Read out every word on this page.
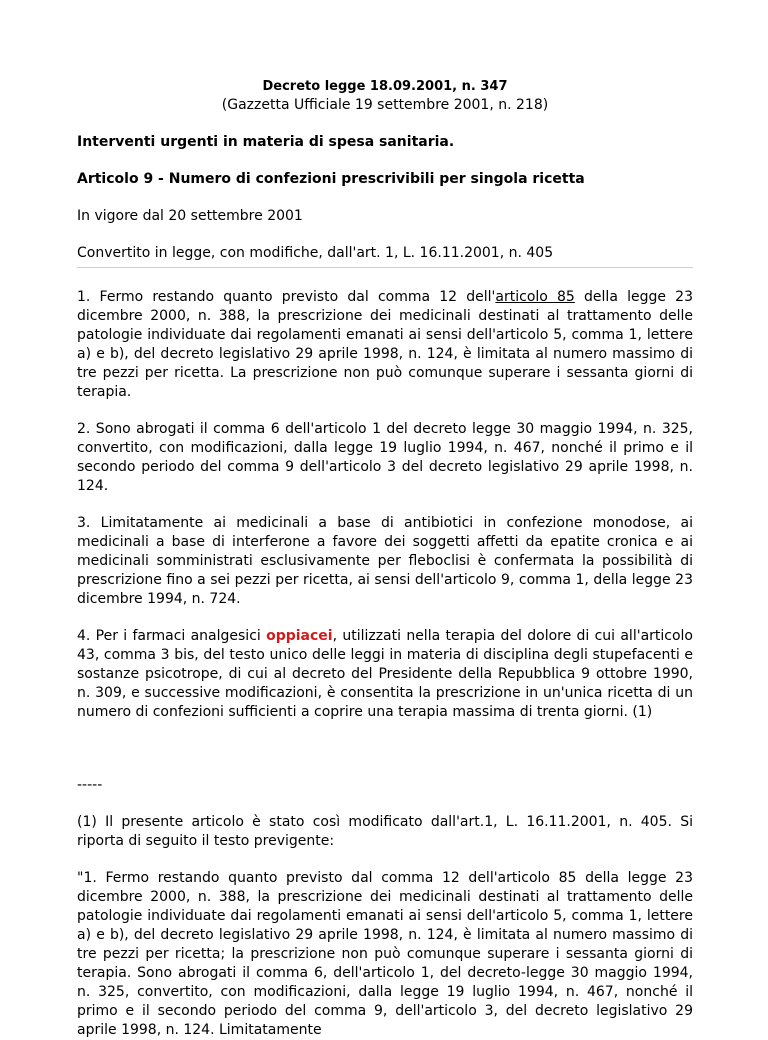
Decreto legge 18.09.2001, n. 347
(Gazzetta Ufficiale 19 settembre 2001, n. 218)

Interventi urgenti in materia di spesa sanitaria.

Articolo 9 - Numero di confezioni prescrivibili per singola ricetta

In vigore dal 20 settembre 2001

Convertito in legge, con modifiche, dall'art. 1, L. 16.11.2001, n. 405

1. Fermo restando quanto previsto dal comma 12 dell'articolo 85 della legge 23 dicembre 2000, n. 388, la prescrizione dei medicinali destinati al trattamento delle patologie individuate dai regolamenti emanati ai sensi dell'articolo 5, comma 1, lettere a) e b), del decreto legislativo 29 aprile 1998, n. 124, è limitata al numero massimo di tre pezzi per ricetta. La prescrizione non può comunque superare i sessanta giorni di terapia.

2. Sono abrogati il comma 6 dell'articolo 1 del decreto legge 30 maggio 1994, n. 325, convertito, con modificazioni, dalla legge 19 luglio 1994, n. 467, nonché il primo e il secondo periodo del comma 9 dell'articolo 3 del decreto legislativo 29 aprile 1998, n. 124.

3. Limitatamente ai medicinali a base di antibiotici in confezione monodose, ai medicinali a base di interferone a favore dei soggetti affetti da epatite cronica e ai medicinali somministrati esclusivamente per fleboclisi è confermata la possibilità di prescrizione fino a sei pezzi per ricetta, ai sensi dell'articolo 9, comma 1, della legge 23 dicembre 1994, n. 724.

4. Per i farmaci analgesici oppiacei, utilizzati nella terapia del dolore di cui all'articolo 43, comma 3 bis, del testo unico delle leggi in materia di disciplina degli stupefacenti e sostanze psicotrope, di cui al decreto del Presidente della Repubblica 9 ottobre 1990, n. 309, e successive modificazioni, è consentita la prescrizione in un'unica ricetta di un numero di confezioni sufficienti a coprire una terapia massima di trenta giorni. (1)

-----

(1) Il presente articolo è stato così modificato dall'art.1, L. 16.11.2001, n. 405. Si riporta di seguito il testo previgente:

"1. Fermo restando quanto previsto dal comma 12 dell'articolo 85 della legge 23 dicembre 2000, n. 388, la prescrizione dei medicinali destinati al trattamento delle patologie individuate dai regolamenti emanati ai sensi dell'articolo 5, comma 1, lettere a) e b), del decreto legislativo 29 aprile 1998, n. 124, è limitata al numero massimo di tre pezzi per ricetta; la prescrizione non può comunque superare i sessanta giorni di terapia. Sono abrogati il comma 6, dell'articolo 1, del decreto-legge 30 maggio 1994, n. 325, convertito, con modificazioni, dalla legge 19 luglio 1994, n. 467, nonché il primo e il secondo periodo del comma 9, dell'articolo 3, del decreto legislativo 29 aprile 1998, n. 124. Limitatamente
